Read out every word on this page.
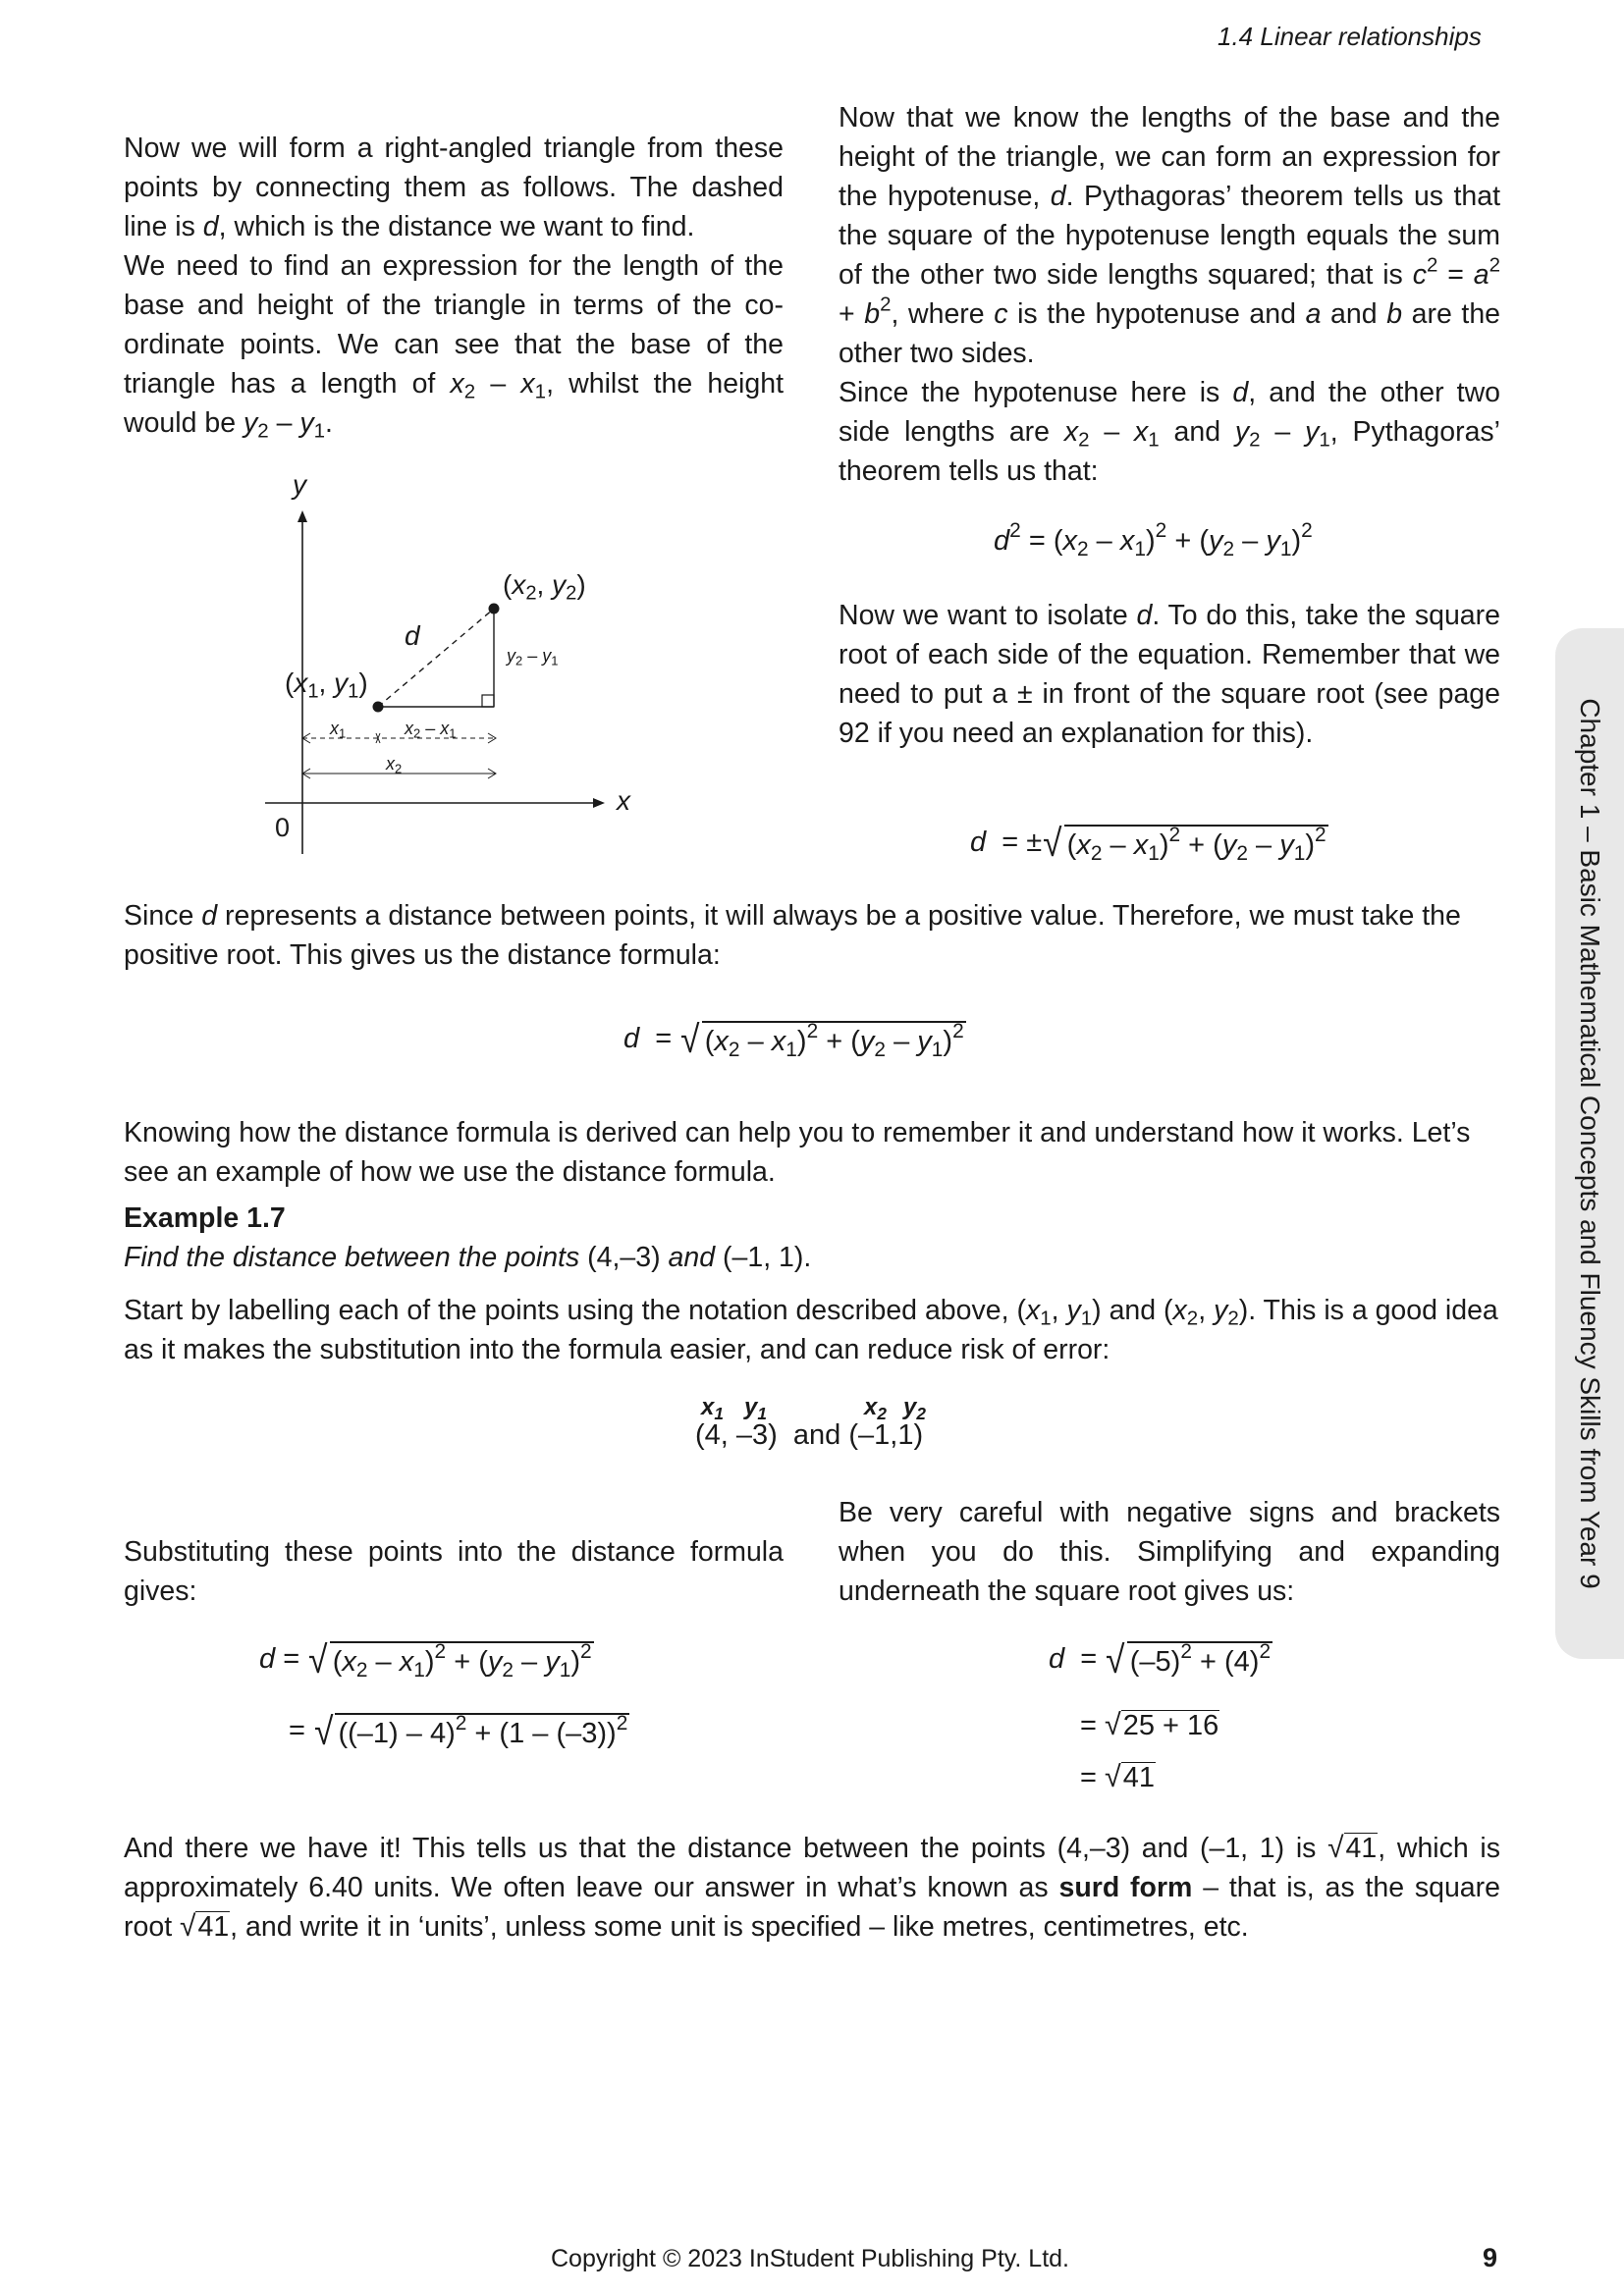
1.4 Linear relationships
Chapter 1 – Basic Mathematical Concepts and Fluency Skills from Year 9

Now we will form a right-angled triangle from these points by connecting them as follows. The dashed line is d, which is the distance we want to find.

We need to find an expression for the length of the base and height of the triangle in terms of the co-ordinate points. We can see that the base of the triangle has a length of $x_2 - x_1$, whilst the height would be $y_2 - y_1$.

y
x
0
($x_1$, $y_1$)
($x_2$, $y_2$)
d
$y_2 - y_1$
$x_1$	$x_2 - x_1$
$x_2$

Now that we know the lengths of the base and the height of the triangle, we can form an expression for the hypotenuse, d. Pythagoras’ theorem tells us that the square of the hypotenuse length equals the sum of the other two side lengths squared; that is $c^2 = a^2 + b^2$, where c is the hypotenuse and a and b are the other two sides.

Since the hypotenuse here is d, and the other two side lengths are $x_2 - x_1$ and $y_2 - y_1$, Pythagoras’ theorem tells us that:

$d^2 = (x_2 - x_1)^2 + (y_2 - y_1)^2$

Now we want to isolate d. To do this, take the square root of each side of the equation. Remember that we need to put a ± in front of the square root (see page 92 if you need an explanation for this).

d  = ± √ $(x_2 - x_1)^2 + (y_2 - y_1)^2$

Since d represents a distance between points, it will always be a positive value. Therefore, we must take the positive root. This gives us the distance formula:

d  = √ $(x_2 - x_1)^2 + (y_2 - y_1)^2$

Knowing how the distance formula is derived can help you to remember it and understand how it works. Let’s see an example of how we use the distance formula.

Example 1.7
Find the distance between the points (4,–3) and (–1, 1).

Start by labelling each of the points using the notation described above, ($x_1$, $y_1$) and ($x_2$, $y_2$). This is a good idea as it makes the substitution into the formula easier, and can reduce risk of error:

$x_1$ $y_1$	$x_2$ $y_2$
(4, –3)  and (–1,1)

Substituting these points into the distance formula gives:

Be very careful with negative signs and brackets when you do this. Simplifying and expanding underneath the square root gives us:

d = √ $(x_2 - x_1)^2 + (y_2 - y_1)^2$
= √ ((–1) – 4)$^2$ + (1 – (–3))$^2$
d  = √ $(-5)^2 + (4)^2$
= √ 25 + 16
= √ 41

And there we have it! This tells us that the distance between the points (4,–3) and (–1, 1) is √ 41 , which is approximately 6.40 units. We often leave our answer in what’s known as surd form – that is, as the square root √ 41 , and write it in ‘units’, unless some unit is specified – like metres, centimetres, etc.

Copyright © 2023 InStudent Publishing Pty. Ltd.	9
